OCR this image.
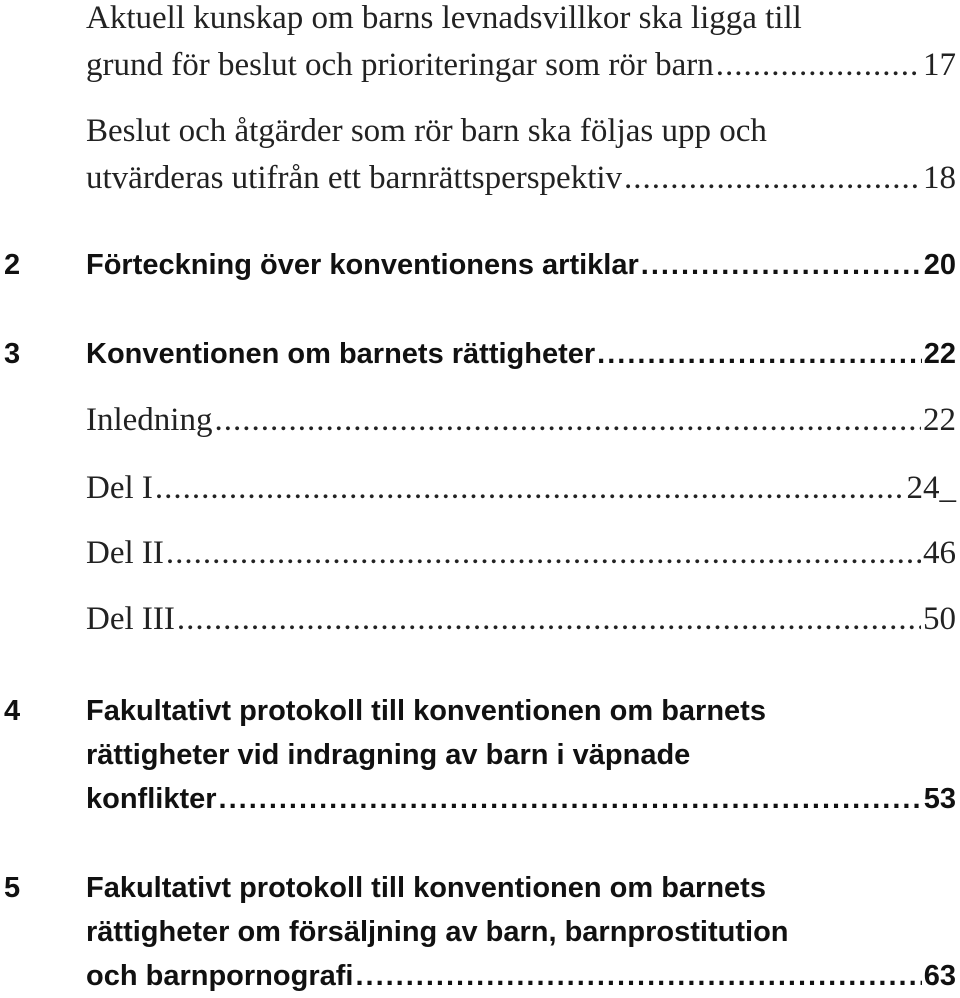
Aktuell kunskap om barns levnadsvillkor ska ligga till
grund för beslut och prioriteringar som rör barn .....	17
Beslut och åtgärder som rör barn ska följas upp och
utvärderas utifrån ett barnrättsperspektiv .....	18
2 Förteckning över konventionens artiklar .....	20
3 Konventionen om barnets rättigheter .....	22
Inledning .....	22
Del I .....	24_
Del II .....	46
Del III .....	50
4 Fakultativt protokoll till konventionen om barnets
rättigheter vid indragning av barn i väpnade
konflikter .....	53
5 Fakultativt protokoll till konventionen om barnets
rättigheter om försäljning av barn, barnprostitution
och barnpornografi .....	63
